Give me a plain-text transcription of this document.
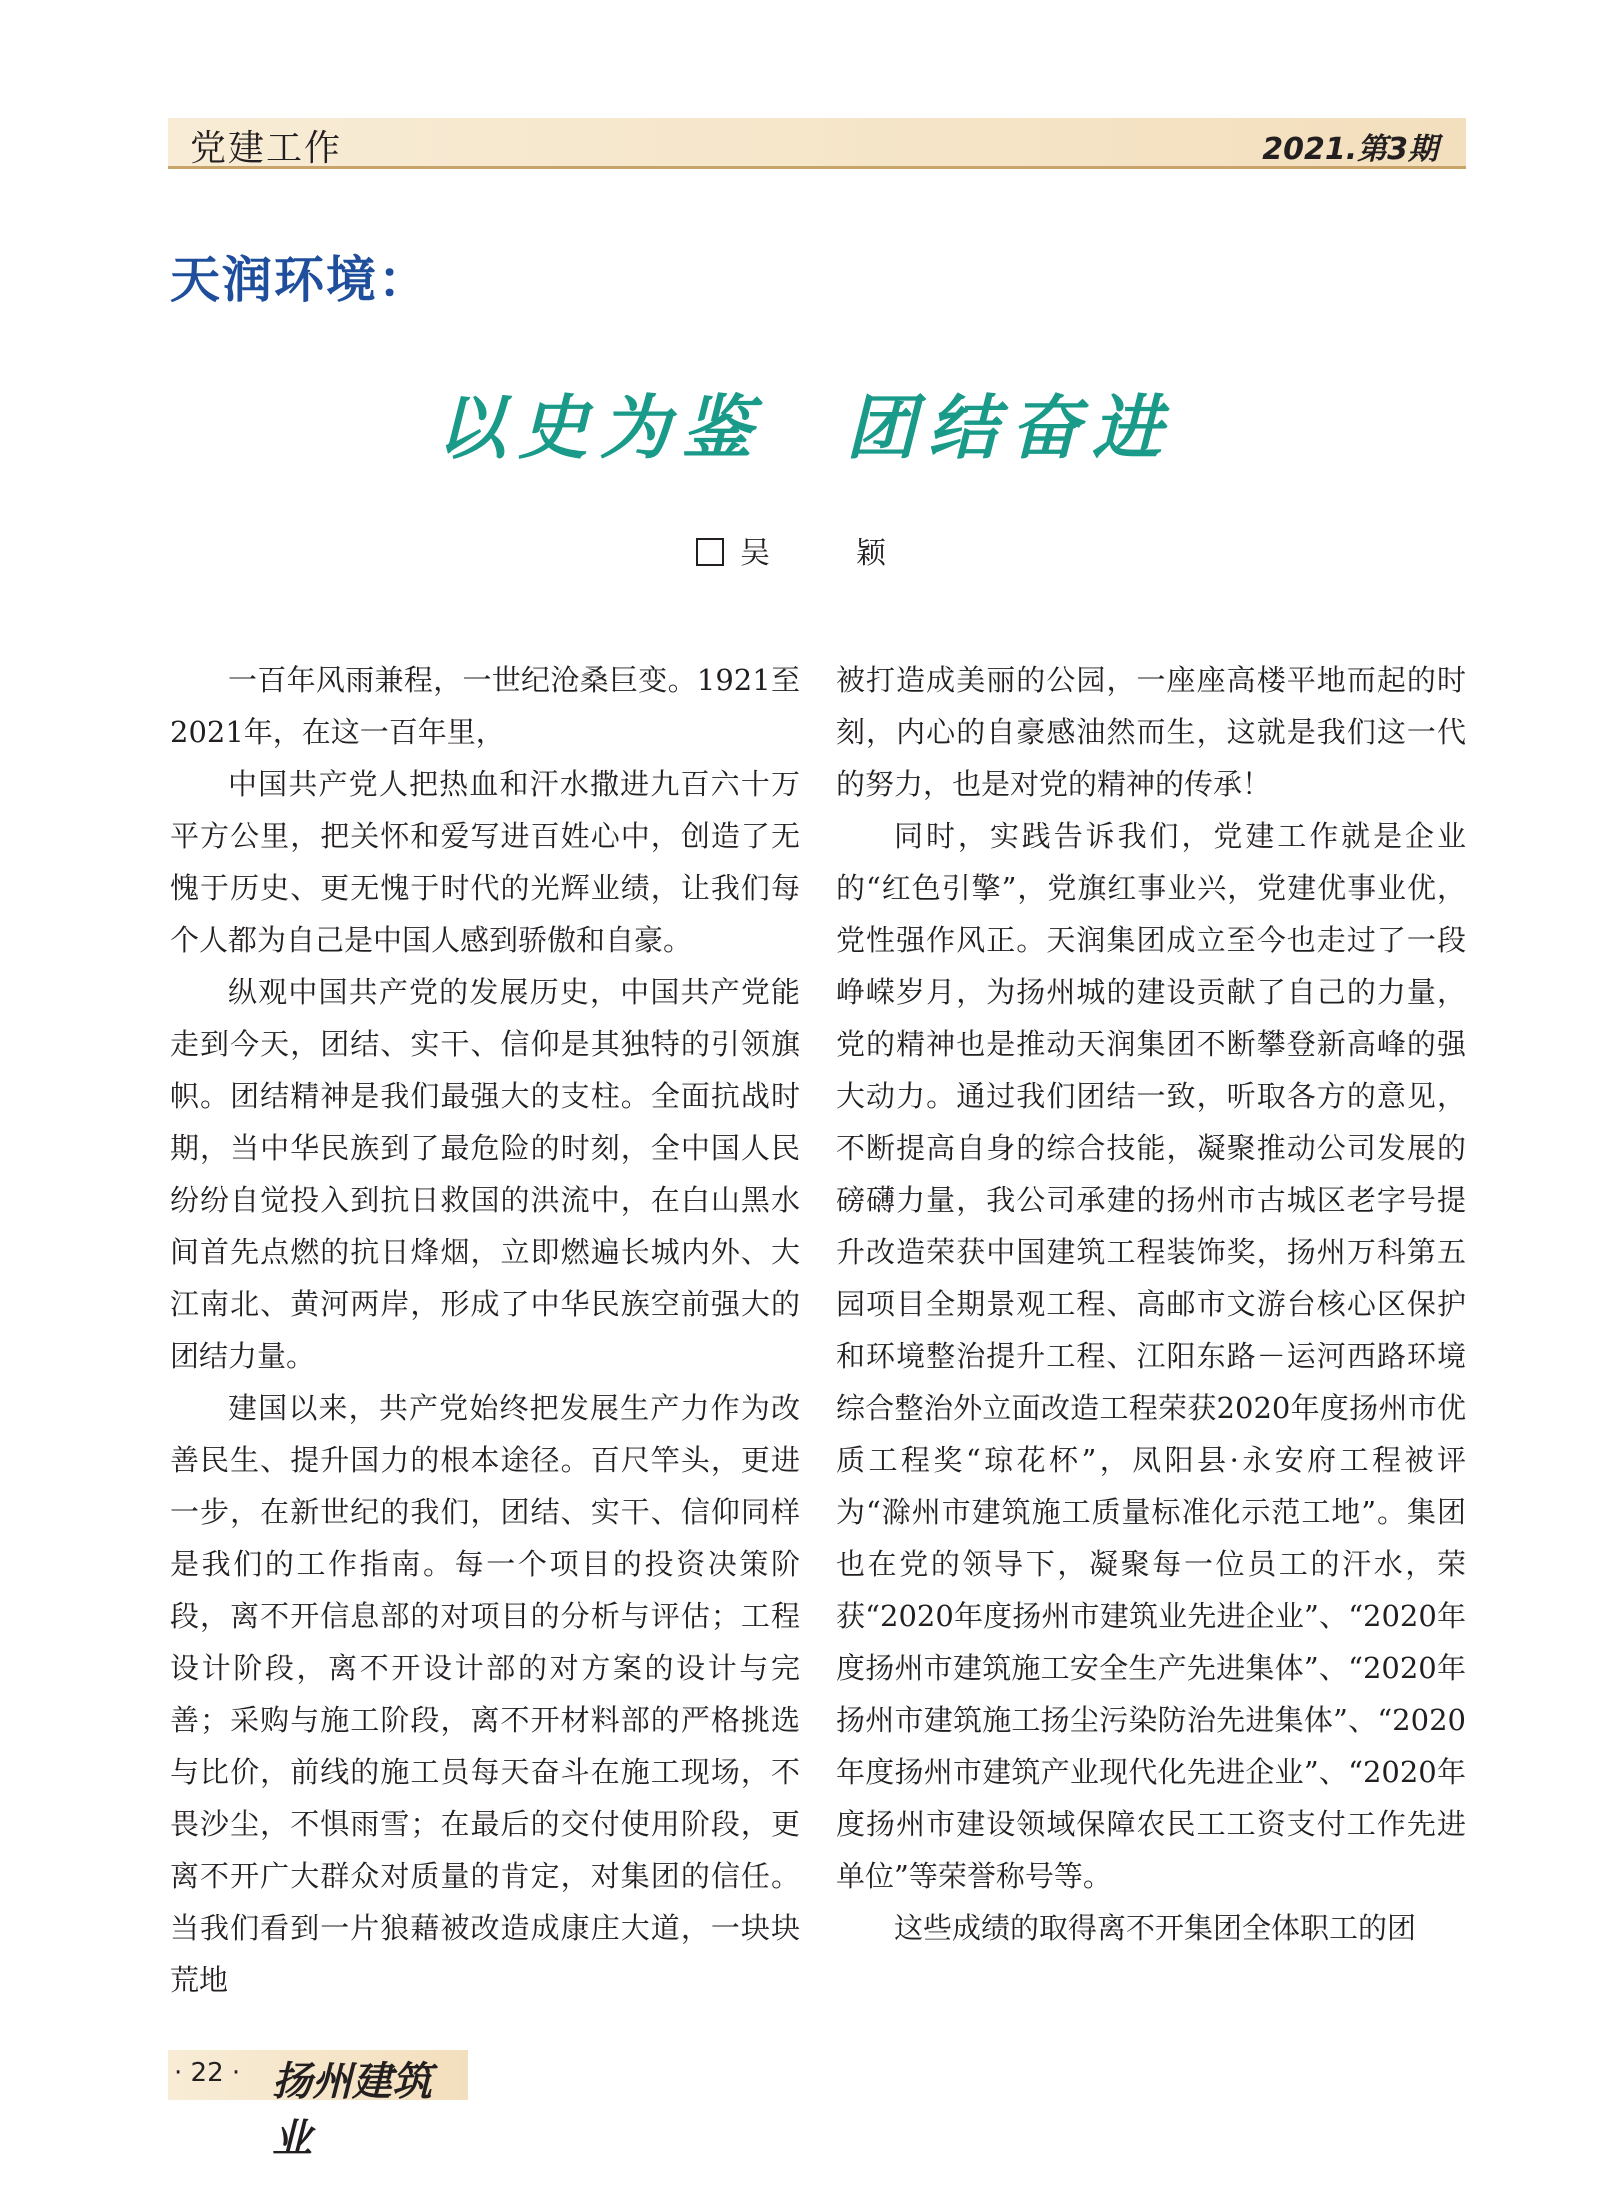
党建工作	2021.第3期
天润环境：
以史为鉴　团结奋进
吴　颖

一百年风雨兼程，一世纪沧桑巨变。1921至2021年，在这一百年里，

中国共产党人把热血和汗水撒进九百六十万平方公里，把关怀和爱写进百姓心中，创造了无愧于历史、更无愧于时代的光辉业绩，让我们每个人都为自己是中国人感到骄傲和自豪。

纵观中国共产党的发展历史，中国共产党能走到今天，团结、实干、信仰是其独特的引领旗帜。团结精神是我们最强大的支柱。全面抗战时期，当中华民族到了最危险的时刻，全中国人民纷纷自觉投入到抗日救国的洪流中，在白山黑水间首先点燃的抗日烽烟，立即燃遍长城内外、大江南北、黄河两岸，形成了中华民族空前强大的团结力量。

建国以来，共产党始终把发展生产力作为改善民生、提升国力的根本途径。百尺竿头，更进一步，在新世纪的我们，团结、实干、信仰同样是我们的工作指南。每一个项目的投资决策阶段，离不开信息部的对项目的分析与评估；工程设计阶段，离不开设计部的对方案的设计与完善；采购与施工阶段，离不开材料部的严格挑选与比价，前线的施工员每天奋斗在施工现场，不畏沙尘，不惧雨雪；在最后的交付使用阶段，更离不开广大群众对质量的肯定，对集团的信任。当我们看到一片狼藉被改造成康庄大道，一块块荒地

被打造成美丽的公园，一座座高楼平地而起的时刻，内心的自豪感油然而生，这就是我们这一代的努力，也是对党的精神的传承！

同时，实践告诉我们，党建工作就是企业的“红色引擎”，党旗红事业兴，党建优事业优，党性强作风正。天润集团成立至今也走过了一段峥嵘岁月，为扬州城的建设贡献了自己的力量，党的精神也是推动天润集团不断攀登新高峰的强大动力。通过我们团结一致，听取各方的意见，不断提高自身的综合技能，凝聚推动公司发展的磅礴力量，我公司承建的扬州市古城区老字号提升改造荣获中国建筑工程装饰奖，扬州万科第五园项目全期景观工程、高邮市文游台核心区保护和环境整治提升工程、江阳东路－运河西路环境综合整治外立面改造工程荣获2020年度扬州市优质工程奖“琼花杯”，凤阳县·永安府工程被评为“滁州市建筑施工质量标准化示范工地”。集团也在党的领导下，凝聚每一位员工的汗水，荣获“2020年度扬州市建筑业先进企业”、“2020年度扬州市建筑施工安全生产先进集体”、“2020年扬州市建筑施工扬尘污染防治先进集体”、“2020年度扬州市建筑产业现代化先进企业”、“2020年度扬州市建设领域保障农民工工资支付工作先进单位”等荣誉称号等。

这些成绩的取得离不开集团全体职工的团

· 22 · 扬州建筑业
